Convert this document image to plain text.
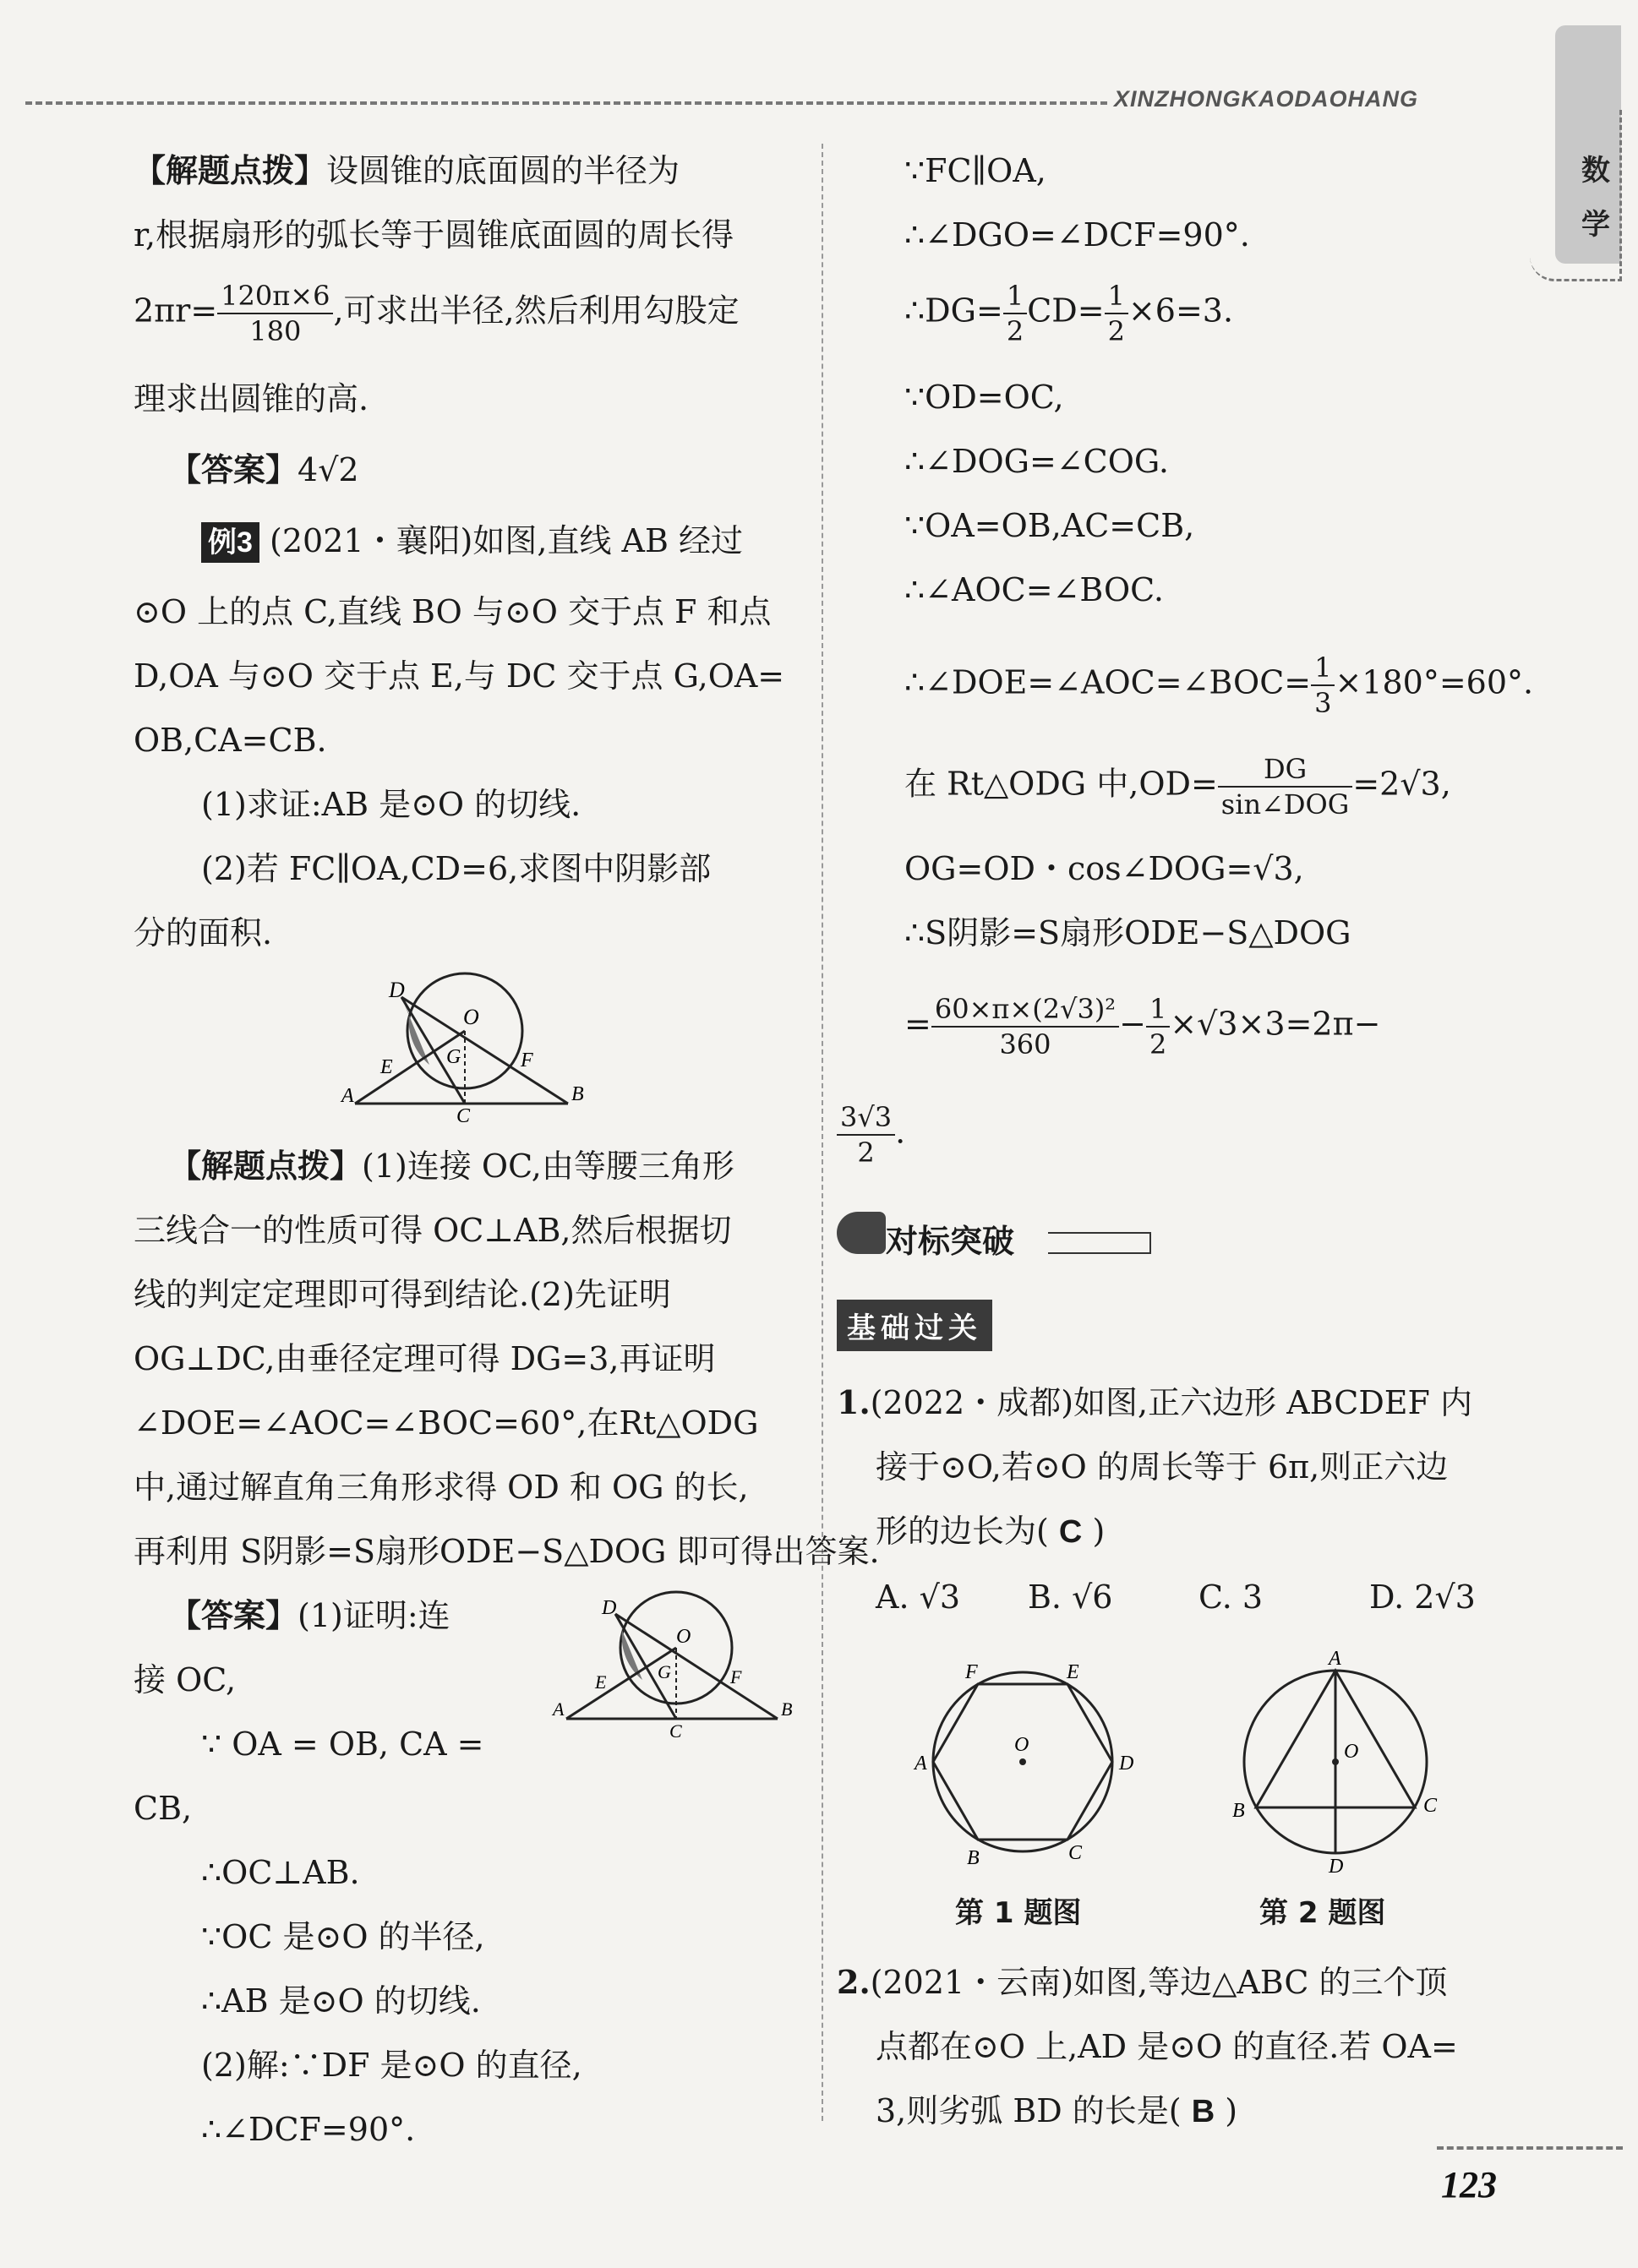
XINZHONGKAODAOHANG
数
学
【解题点拨】设圆锥的底面圆的半径为
r,根据扇形的弧长等于圆锥底面圆的周长得
$2\pi r= \frac{120\pi\times 6}{180}$ ,可求出半径,然后利用勾股定
理求出圆锥的高.
【答案】4√2
例3 (2021・襄阳)如图,直线 AB 经过
⊙O 上的点 C,直线 BO 与⊙O 交于点 F 和点
D,OA 与⊙O 交于点 E,与 DC 交于点 G,OA=
OB,CA=CB.
(1)求证:AB 是⊙O 的切线.
(2)若 FC∥OA,CD=6,求图中阴影部
分的面积.
D
O
G
E	F
A
C
B
【解题点拨】(1)连接 OC,由等腰三角形
三线合一的性质可得 OC⊥AB,然后根据切
线的判定定理即可得到结论.(2)先证明
OG⊥DC,由垂径定理可得 DG=3,再证明
∠DOE=∠AOC=∠BOC=60°,在Rt△ODG
中,通过解直角三角形求得 OD 和 OG 的长,
再利用 S阴影=S扇形ODE−S△DOG 即可得出答案.
【答案】(1)证明:连
接 OC,
∵ OA = OB, CA =
CB,
∴OC⊥AB.
∵OC 是⊙O 的半径,
∴AB 是⊙O 的切线.
(2)解:∵DF 是⊙O 的直径,
∴∠DCF=90°.
D
O
G
E	F
A
C
B
∵FC∥OA,
∴∠DGO=∠DCF=90°.
∴DG= $\frac{1}{2} CD= \frac{1}{2} \times 6=3$.
∵OD=OC,
∴∠DOG=∠COG.
∵OA=OB,AC=CB,
∴∠AOC=∠BOC.
∴∠DOE=∠AOC=∠BOC= $\frac{1}{3} \times 180^\circ=60^\circ$.
在 Rt△ODG 中$,OD= \frac{DG}{\text{sin∠DOG}} =2√3$,
OG=OD・cos∠DOG=√3,
∴S阴影=S扇形ODE−S△DOG
= $\frac{\text{60×π×(2√3)²}}{360} - \frac{1}{2} \times√3\times 3=2\pi-$
$\frac{3√3}{2}$ .
对标突破
基础过关
1.(2022・成都)如图,正六边形 ABCDEF 内
接于⊙O,若⊙O 的周长等于 6π,则正六边
形的边长为( C )
A. √3 B. √6	C. 3	D. 2√3
F	E
A
O
D
B	C
第 1 题图
A
O
B	C
D
第 2 题图
2.(2021・云南)如图,等边△ABC 的三个顶
点都在⊙O 上,AD 是⊙O 的直径.若 OA=
3,则劣弧 BD 的长是( B )
123
